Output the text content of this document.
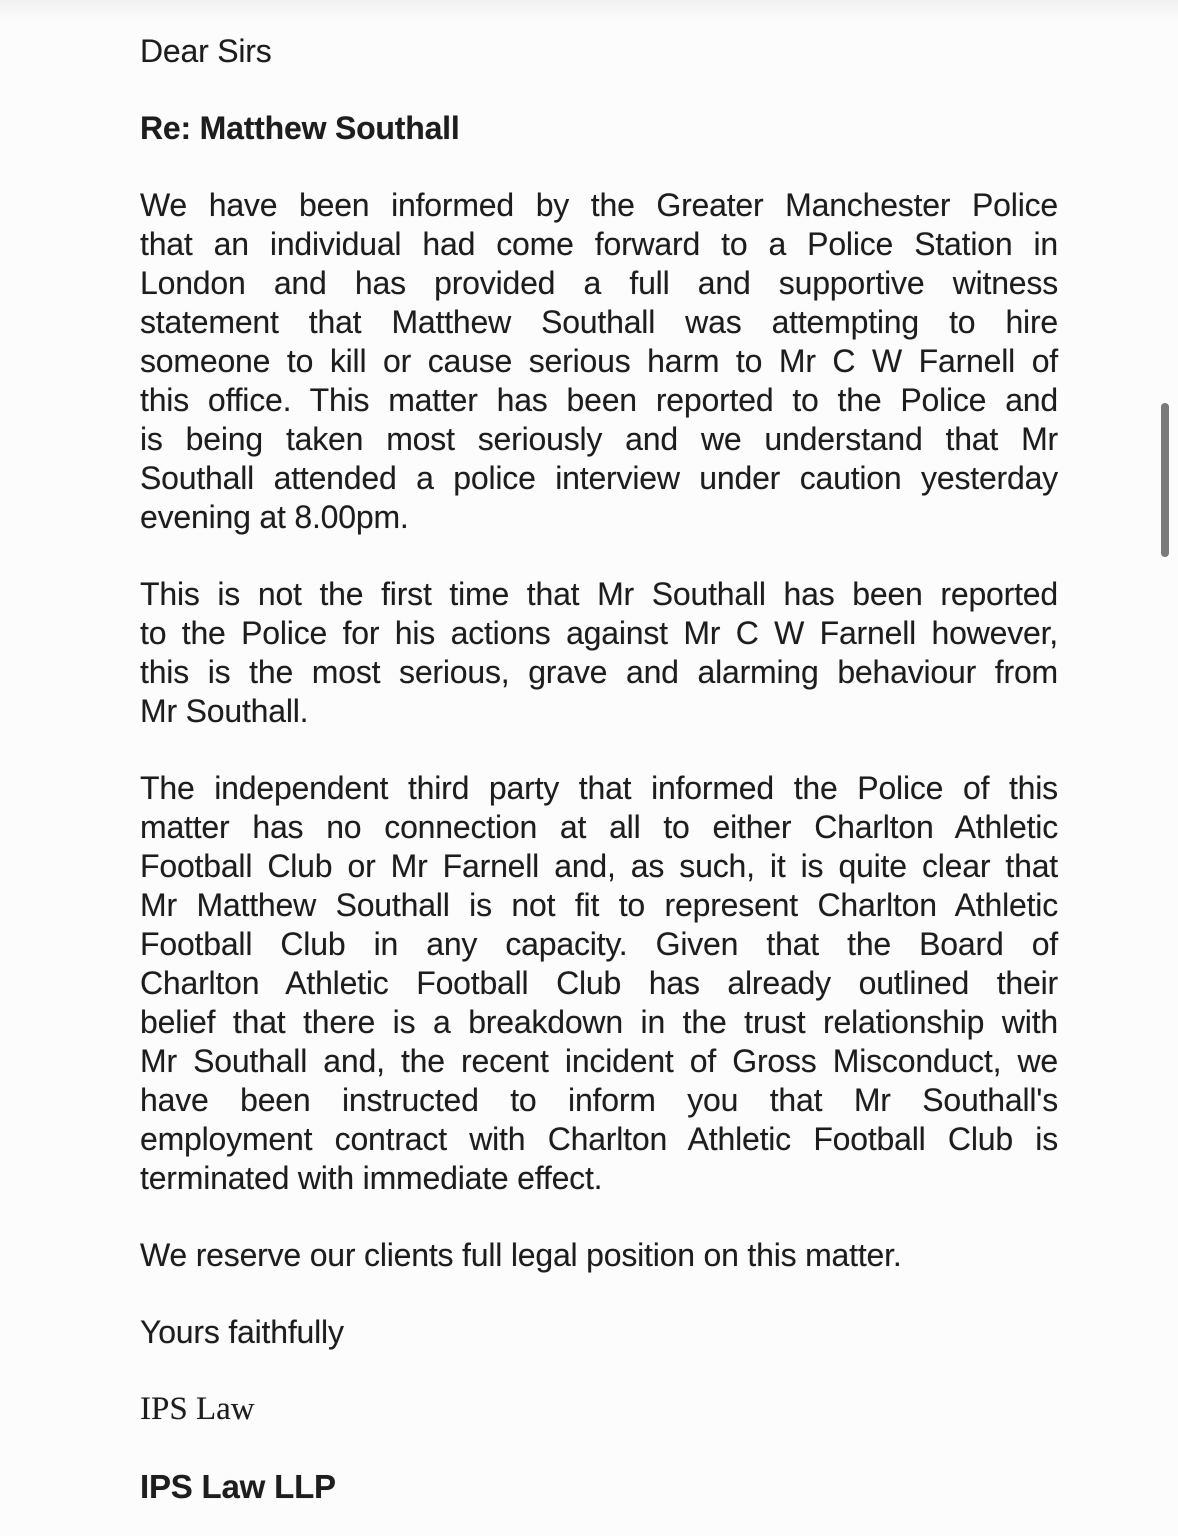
Dear Sirs
Re: Matthew Southall
We have been informed by the Greater Manchester Police
that an individual had come forward to a Police Station in
London and has provided a full and supportive witness
statement that Matthew Southall was attempting to hire
someone to kill or cause serious harm to Mr C W Farnell of
this office. This matter has been reported to the Police and
is being taken most seriously and we understand that Mr
Southall attended a police interview under caution yesterday
evening at 8.00pm.
This is not the first time that Mr Southall has been reported
to the Police for his actions against Mr C W Farnell however,
this is the most serious, grave and alarming behaviour from
Mr Southall.
The independent third party that informed the Police of this
matter has no connection at all to either Charlton Athletic
Football Club or Mr Farnell and, as such, it is quite clear that
Mr Matthew Southall is not fit to represent Charlton Athletic
Football Club in any capacity. Given that the Board of
Charlton Athletic Football Club has already outlined their
belief that there is a breakdown in the trust relationship with
Mr Southall and, the recent incident of Gross Misconduct, we
have been instructed to inform you that Mr Southall's
employment contract with Charlton Athletic Football Club is
terminated with immediate effect.
We reserve our clients full legal position on this matter.
Yours faithfully
IPS Law
IPS Law LLP
